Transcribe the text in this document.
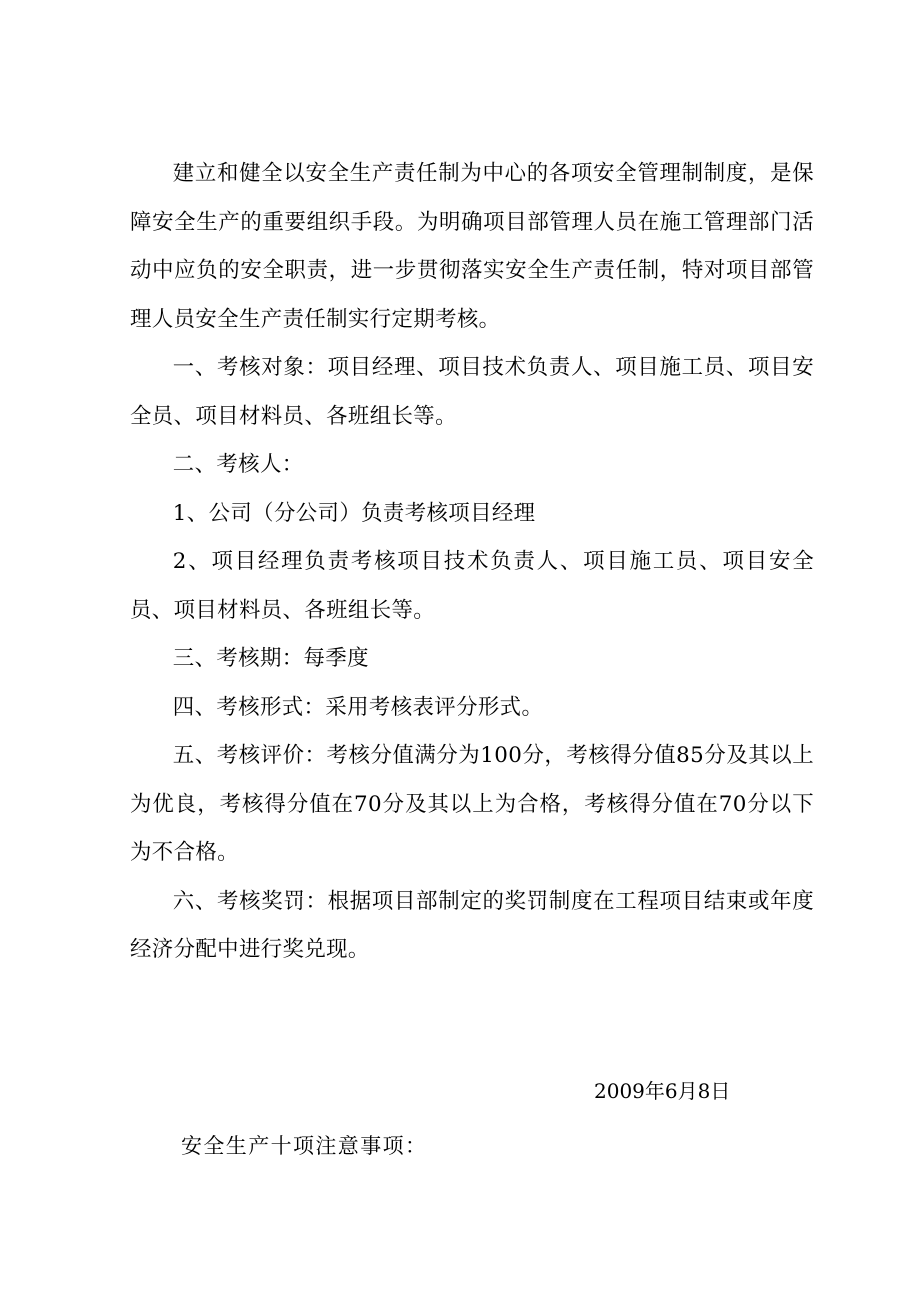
建立和健全以安全生产责任制为中心的各项安全管理制制度，是保障安全生产的重要组织手段。为明确项目部管理人员在施工管理部门活动中应负的安全职责，进一步贯彻落实安全生产责任制，特对项目部管理人员安全生产责任制实行定期考核。

一、考核对象：项目经理、项目技术负责人、项目施工员、项目安全员、项目材料员、各班组长等。

二、考核人：

1、公司（分公司）负责考核项目经理

2、项目经理负责考核项目技术负责人、项目施工员、项目安全员、项目材料员、各班组长等。

三、考核期：每季度

四、考核形式：采用考核表评分形式。

五、考核评价：考核分值满分为100分，考核得分值85分及其以上为优良，考核得分值在70分及其以上为合格，考核得分值在70分以下为不合格。

六、考核奖罚：根据项目部制定的奖罚制度在工程项目结束或年度经济分配中进行奖兑现。

2009年6月8日
安全生产十项注意事项：
